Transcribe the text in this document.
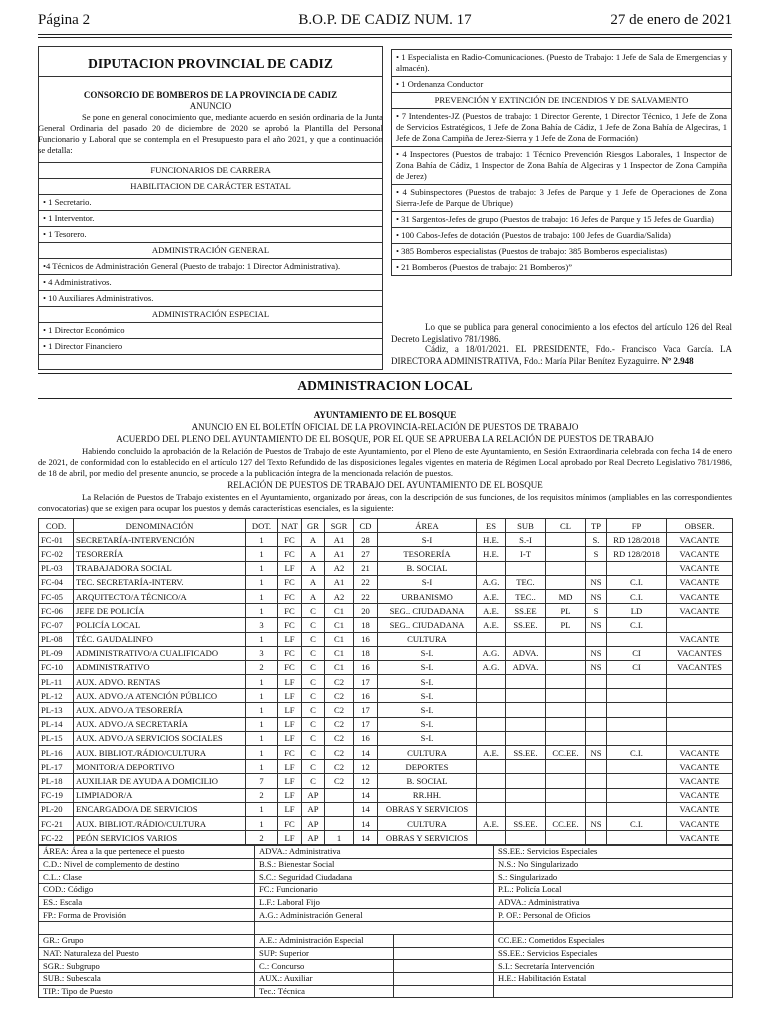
Página 2	B.O.P. DE CADIZ NUM. 17	27 de enero de 2021
DIPUTACION PROVINCIAL DE CADIZ
CONSORCIO DE BOMBEROS DE LA PROVINCIA DE CADIZ
ANUNCIO
Se pone en general conocimiento que, mediante acuerdo en sesión ordinaria de la Junta General Ordinaria del pasado 20 de diciembre de 2020 se aprobó la Plantilla del Personal Funcionario y Laboral que se contempla en el Presupuesto para el año 2021, y que a continuación se detalla:
FUNCIONARIOS DE CARRERA
HABILITACION DE CARÁCTER ESTATAL
• 1 Secretario.
• 1 Interventor.
• 1 Tesorero.
ADMINISTRACIÓN GENERAL
•4 Técnicos de Administración General (Puesto de trabajo: 1 Director Administrativa).
• 4 Administrativos.
• 10 Auxiliares Administrativos.
ADMINISTRACIÓN ESPECIAL
• 1 Director Económico
• 1 Director Financiero
• 1 Especialista en Radio-Comunicaciones. (Puesto de Trabajo: 1 Jefe de Sala de Emergencias y almacén).
• 1 Ordenanza Conductor
PREVENCIÓN Y EXTINCIÓN DE INCENDIOS Y DE SALVAMENTO
• 7 Intendentes-JZ (Puestos de trabajo: 1 Director Gerente, 1 Director Técnico, 1 Jefe de Zona de Servicios Estratégicos, 1 Jefe de Zona Bahía de Cádiz, 1 Jefe de Zona Bahía de Algeciras, 1 Jefe de Zona Campiña de Jerez-Sierra y 1 Jefe de Zona de Formación)
• 4 Inspectores (Puestos de trabajo: 1 Técnico Prevención Riesgos Laborales, 1 Inspector de Zona Bahía de Cádiz, 1 Inspector de Zona Bahía de Algeciras y 1 Inspector de Zona Campiña de Jerez)
• 4 Subinspectores (Puestos de trabajo: 3 Jefes de Parque y 1 Jefe de Operaciones de Zona Sierra-Jefe de Parque de Ubrique)
• 31 Sargentos-Jefes de grupo (Puestos de trabajo: 16 Jefes de Parque y 15 Jefes de Guardia)
• 100 Cabos-Jefes de dotación (Puestos de trabajo: 100 Jefes de Guardia/Salida)
• 385 Bomberos especialistas (Puestos de trabajo: 385 Bomberos especialistas)
• 21 Bomberos (Puestos de trabajo: 21 Bomberos)”
Lo que se publica para general conocimiento a los efectos del artículo 126 del Real Decreto Legislativo 781/1986.
Cádiz, a 18/01/2021. EL PRESIDENTE, Fdo.- Francisco Vaca García. LA DIRECTORA ADMINISTRATIVA, Fdo.: María Pilar Benítez Eyzaguirre. Nº 2.948
ADMINISTRACION LOCAL
AYUNTAMIENTO DE EL BOSQUE
ANUNCIO EN EL BOLETÍN OFICIAL DE LA PROVINCIA-RELACIÓN DE PUESTOS DE TRABAJO
ACUERDO DEL PLENO DEL AYUNTAMIENTO DE EL BOSQUE, POR EL QUE SE APRUEBA LA RELACIÓN DE PUESTOS DE TRABAJO
Habiendo concluido la aprobación de la Relación de Puestos de Trabajo de este Ayuntamiento, por el Pleno de este Ayuntamiento, en Sesión Extraordinaria celebrada con fecha 14 de enero de 2021, de conformidad con lo establecido en el artículo 127 del Texto Refundido de las disposiciones legales vigentes en materia de Régimen Local aprobado por Real Decreto Legislativo 781/1986, de 18 de abril, por medio del presente anuncio, se procede a la publicación íntegra de la mencionada relación de puestos.
RELACIÓN DE PUESTOS DE TRABAJO DEL AYUNTAMIENTO DE EL BOSQUE
La Relación de Puestos de Trabajo existentes en el Ayuntamiento, organizado por áreas, con la descripción de sus funciones, de los requisitos mínimos (ampliables en las correspondientes convocatorias) que se exigen para ocupar los puestos y demás características esenciales, es la siguiente:
COD.	DENOMINACIÓN	DOT.	NAT	GR	SGR	CD	ÁREA	ES	SUB	CL	TP	FP	OBSER.
FC-01	SECRETARÍA-INTERVENCIÓN	1	FC	A	A1	28	S-I	H.E.	S.-I		S.	RD 128/2018	VACANTE
FC-02	TESORERÍA	1	FC	A	A1	27	TESORERÍA	H.E.	I-T		S	RD 128/2018	VACANTE
PL-03	TRABAJADORA SOCIAL	1	LF	A	A2	21	B. SOCIAL						VACANTE
FC-04	TEC. SECRETARÍA-INTERV.	1	FC	A	A1	22	S-I	A.G.	TEC.		NS	C.I.	VACANTE
FC-05	ARQUITECTO/A TÉCNICO/A	1	FC	A	A2	22	URBANISMO	A.E.	TEC..	MD	NS	C.I.	VACANTE
FC-06	JEFE DE POLICÍA	1	FC	C	C1	20	SEG.. CIUDADANA	A.E.	SS.EE	PL	S	LD	VACANTE
FC-07	POLICÍA LOCAL	3	FC	C	C1	18	SEG.. CIUDADANA	A.E.	SS.EE.	PL	NS	C.I.	
PL-08	TÉC. GAUDALINFO	1	LF	C	C1	16	CULTURA						VACANTE
PL-09	ADMINISTRATIVO/A CUALIFICADO	3	FC	C	C1	18	S-I.	A.G.	ADVA.		NS	CI	VACANTES
FC-10	ADMINISTRATIVO	2	FC	C	C1	16	S-I.	A.G.	ADVA.		NS	CI	VACANTES
PL-11	AUX. ADVO. RENTAS	1	LF	C	C2	17	S-I.						
PL-12	AUX. ADVO./A ATENCIÓN PÚBLICO	1	LF	C	C2	16	S-I.						
PL-13	AUX. ADVO./A TESORERÍA	1	LF	C	C2	17	S-I.						
PL-14	AUX. ADVO./A SECRETARÍA	1	LF	C	C2	17	S-I.						
PL-15	AUX. ADVO./A SERVICIOS SOCIALES	1	LF	C	C2	16	S-I.						
PL-16	AUX. BIBLIOT./RÁDIO/CULTURA	1	FC	C	C2	14	CULTURA	A.E.	SS.EE.	CC.EE.	NS	C.I.	VACANTE
PL-17	MONITOR/A DEPORTIVO	1	LF	C	C2	12	DEPORTES						VACANTE
PL-18	AUXILIAR DE AYUDA A DOMICILIO	7	LF	C	C2	12	B. SOCIAL						VACANTE
FC-19	LIMPIADOR/A	2	LF	AP		14	RR.HH.						VACANTE
PL-20	ENCARGADO/A DE SERVICIOS	1	LF	AP		14	OBRAS Y SERVICIOS						VACANTE
FC-21	AUX. BIBLIOT./RÁDIO/CULTURA	1	FC	AP		14	CULTURA	A.E.	SS.EE.	CC.EE.	NS	C.I.	VACANTE
FC-22	PEÓN SERVICIOS VARIOS	2	LF	AP	1	14	OBRAS Y SERVICIOS						VACANTE
ÁREA: Área a la que pertenece el puesto	ADVA.: Administrativa		SS.EE.: Servicios Especiales
C.D.: Nivel de complemento de destino	B.S.: Bienestar Social		N.S.: No Singularizado
C.L.: Clase	S.C.: Seguridad Ciudadana		S.: Singularizado
COD.: Código	FC.: Funcionario		P.L.: Policía Local
ES.: Escala	L.F.: Laboral Fijo		ADVA.: Administrativa
FP.: Forma de Provisión	A.G.: Administración General		P. OF.: Personal de Oficios

GR.: Grupo	A.E.: Administración Especial		CC.EE.: Cometidos Especiales
NAT: Naturaleza del Puesto	SUP: Superior		SS.EE.: Servicios Especiales
SGR.: Subgrupo	C.: Concurso		S.I.: Secretaría Intervención
SUB.: Subescala	AUX.: Auxiliar		H.E.: Habilitación Estatal
TIP.: Tipo de Puesto	Tec.: Técnica		
